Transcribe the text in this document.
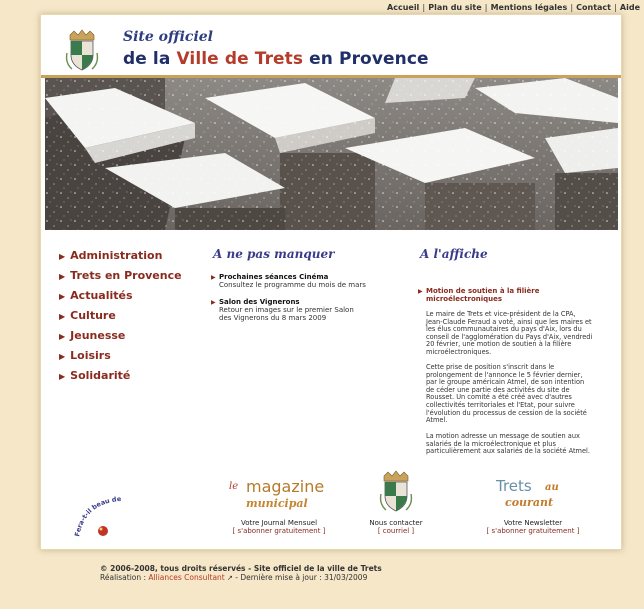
Accueil | Plan du site | Mentions légales | Contact | Aide
Site officiel
de la Ville de Trets en Provence
▶ Administration
▶ Trets en Provence
▶ Actualités
▶ Culture
▶ Jeunesse
▶ Loisirs
▶ Solidarité
A ne pas manquer
▶ Prochaines séances Cinéma
Consultez le programme du mois de mars
▶ Salon des Vignerons
Retour en images sur le premier Salon des Vignerons du 8 mars 2009
A l'affiche
▶ Motion de soutien à la filière microélectroniques
Le maire de Trets et vice-président de la CPA, Jean-Claude Feraud a voté, ainsi que les maires et les élus communautaires du pays d'Aix, lors du conseil de l'agglomération du Pays d'Aix, vendredi 20 février, une motion de soutien à la filière microélectroniques.
Cette prise de position s'inscrit dans le prolongement de l'annonce le 5 février dernier, par le groupe américain Atmel, de son intention de céder une partie des activités du site de Rousset. Un comité a été créé avec d'autres collectivités territoriales et l'Etat, pour suivre l'évolution du processus de cession de la société Atmel.
La motion adresse un message de soutien aux salariés de la microélectronique et plus particulièrement aux salariés de la société Atmel.
le magazine
municipal
Trets au
courant
Fera-t-il beau de
Votre Journal Mensuel
[ s'abonner gratuitement ]
Nous contacter
[ courriel ]
Votre Newsletter
[ s'abonner gratuitement ]
© 2006-2008, tous droits réservés - Site officiel de la ville de Trets
Réalisation : Alliances Consultant ↗ - Dernière mise à jour : 31/03/2009
